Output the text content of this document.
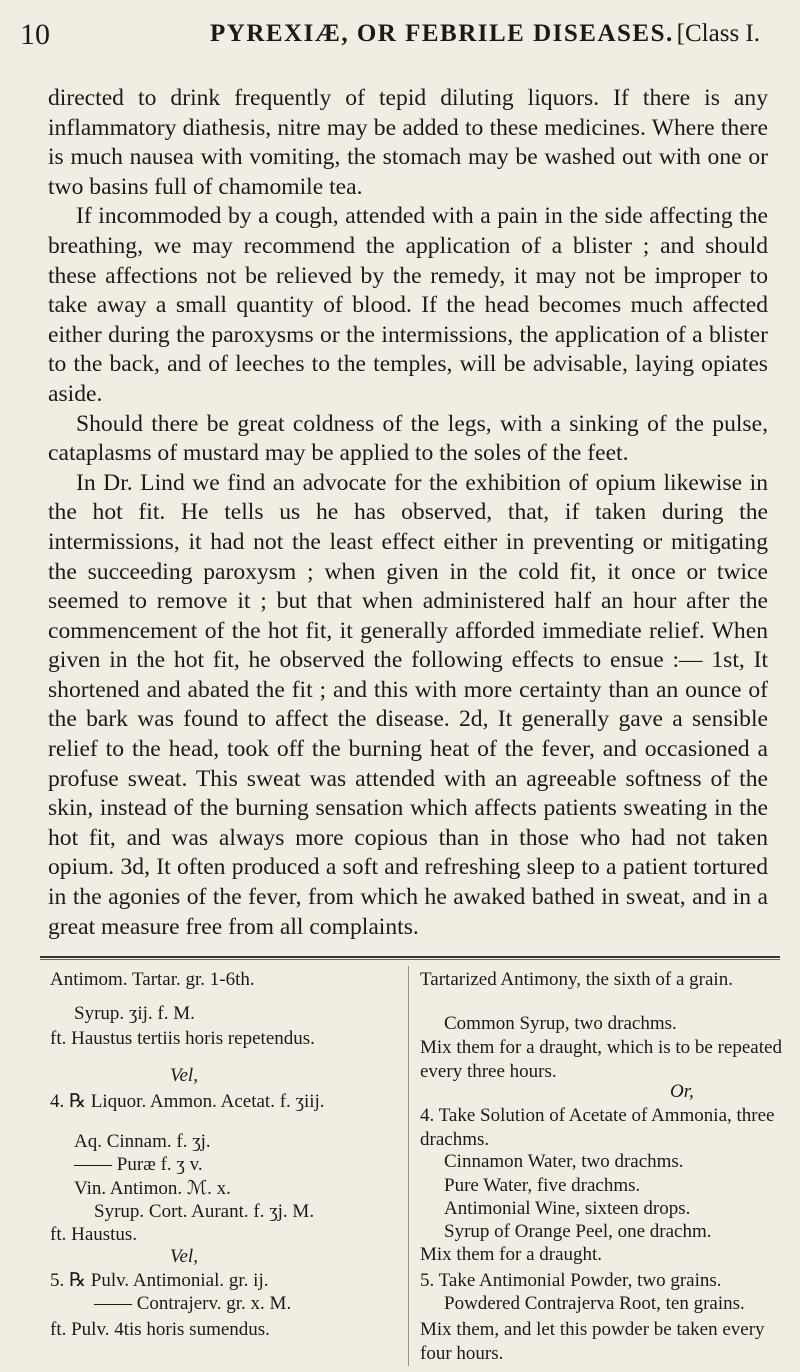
10	PYREXIÆ, OR FEBRILE DISEASES. [Class I.

directed to drink frequently of tepid diluting liquors. If there is any inflammatory diathesis, nitre may be added to these medicines. Where there is much nausea with vomiting, the stomach may be washed out with one or two basins full of chamomile tea.

If incommoded by a cough, attended with a pain in the side affecting the breathing, we may recommend the application of a blister ; and should these affections not be relieved by the remedy, it may not be improper to take away a small quantity of blood. If the head becomes much affected either during the paroxysms or the intermissions, the application of a blister to the back, and of leeches to the temples, will be advisable, laying opiates aside.

Should there be great coldness of the legs, with a sinking of the pulse, cataplasms of mustard may be applied to the soles of the feet.

In Dr. Lind we find an advocate for the exhibition of opium likewise in the hot fit. He tells us he has observed, that, if taken during the intermissions, it had not the least effect either in preventing or mitigating the succeeding paroxysm ; when given in the cold fit, it once or twice seemed to remove it ; but that when administered half an hour after the commencement of the hot fit, it generally afforded immediate relief. When given in the hot fit, he observed the following effects to ensue :— 1st, It shortened and abated the fit ; and this with more certainty than an ounce of the bark was found to affect the disease. 2d, It generally gave a sensible relief to the head, took off the burning heat of the fever, and occasioned a profuse sweat. This sweat was attended with an agreeable softness of the skin, instead of the burning sensation which affects patients sweating in the hot fit, and was always more copious than in those who had not taken opium. 3d, It often produced a soft and refreshing sleep to a patient tortured in the agonies of the fever, from which he awaked bathed in sweat, and in a great measure free from all complaints.

Antimom. Tartar. gr. 1-6th.
Syrup. ʒij. f. M.
ft. Haustus tertiis horis repetendus.
Vel,
4. ℞ Liquor. Ammon. Acetat. f. ʒiij.
Aq. Cinnam. f. ʒj.
—— Puræ f. ʒ v.
Vin. Antimon. ℳ. x.
Syrup. Cort. Aurant. f. ʒj. M.
ft. Haustus.
Vel,
5. ℞ Pulv. Antimonial. gr. ij.
—— Contrajerv. gr. x. M.
ft. Pulv. 4tis horis sumendus.
Tartarized Antimony, the sixth of a grain.
Common Syrup, two drachms.
Mix them for a draught, which is to be repeated every three hours.
Or,
4. Take Solution of Acetate of Ammonia, three drachms.
Cinnamon Water, two drachms.
Pure Water, five drachms.
Antimonial Wine, sixteen drops.
Syrup of Orange Peel, one drachm.
Mix them for a draught.
5. Take Antimonial Powder, two grains.
Powdered Contrajerva Root, ten grains.
Mix them, and let this powder be taken every four hours.
